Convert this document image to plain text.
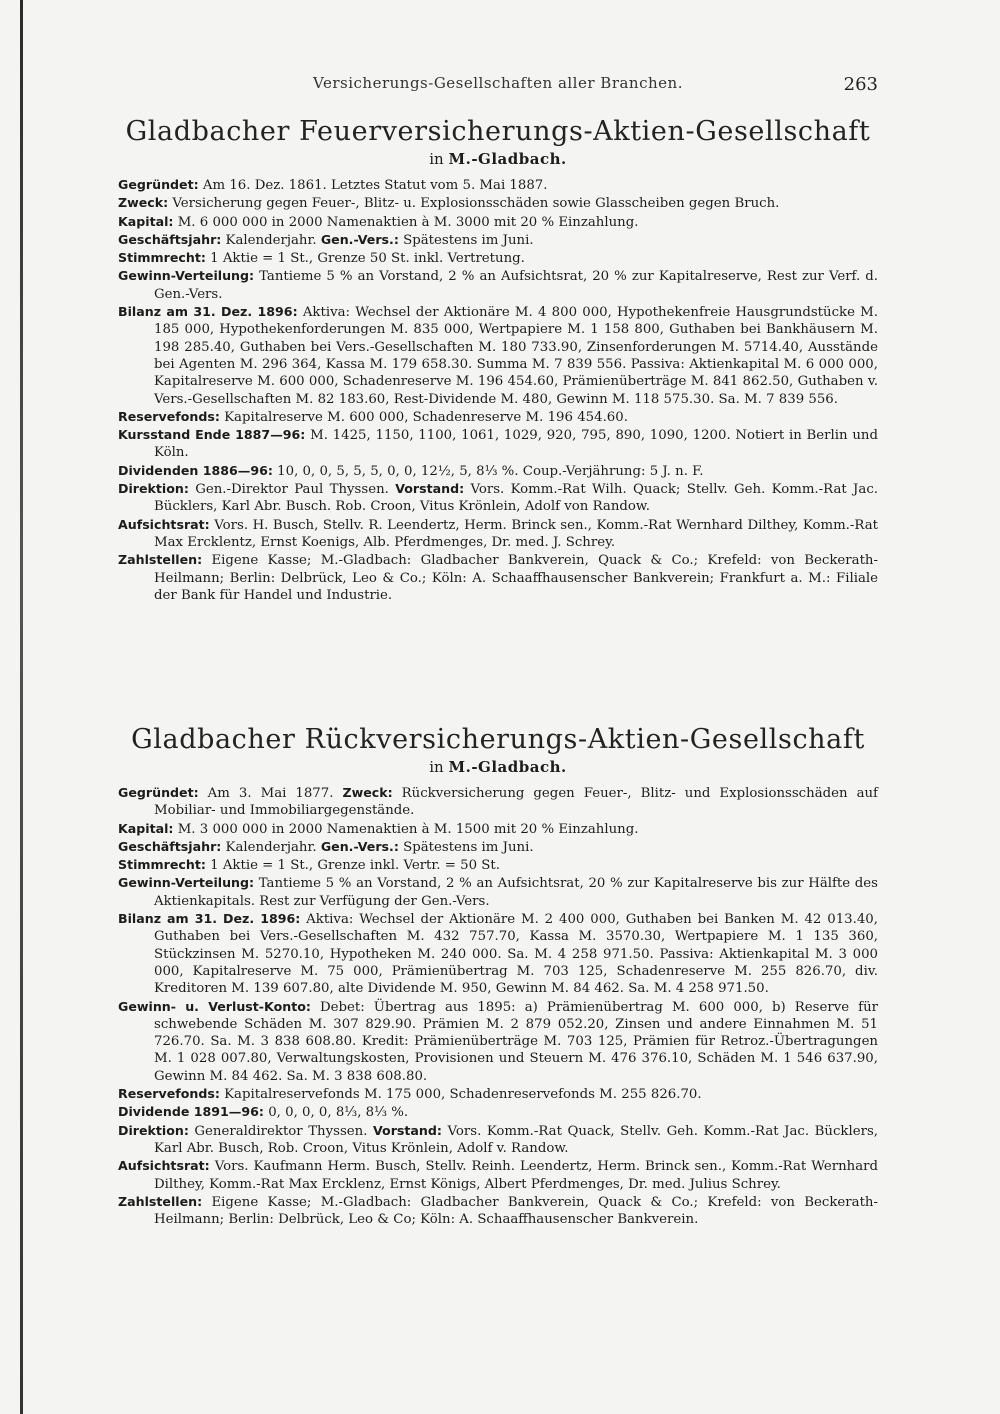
Versicherungs-Gesellschaften aller Branchen.	263
Gladbacher Feuerversicherungs-Aktien-Gesellschaft
in M.-Gladbach.

Gegründet: Am 16. Dez. 1861. Letztes Statut vom 5. Mai 1887.

Zweck: Versicherung gegen Feuer-, Blitz- u. Explosionsschäden sowie Glasscheiben gegen Bruch.

Kapital: M. 6 000 000 in 2000 Namenaktien à M. 3000 mit 20 % Einzahlung.

Geschäftsjahr: Kalenderjahr. Gen.-Vers.: Spätestens im Juni.

Stimmrecht: 1 Aktie = 1 St., Grenze 50 St. inkl. Vertretung.

Gewinn-Verteilung: Tantieme 5 % an Vorstand, 2 % an Aufsichtsrat, 20 % zur Kapitalreserve, Rest zur Verf. d. Gen.-Vers.

Bilanz am 31. Dez. 1896: Aktiva: Wechsel der Aktionäre M. 4 800 000, Hypothekenfreie Hausgrundstücke M. 185 000, Hypothekenforderungen M. 835 000, Wertpapiere M. 1 158 800, Guthaben bei Bankhäusern M. 198 285.40, Guthaben bei Vers.-Gesellschaften M. 180 733.90, Zinsenforderungen M. 5714.40, Ausstände bei Agenten M. 296 364, Kassa M. 179 658.30. Summa M. 7 839 556. Passiva: Aktienkapital M. 6 000 000, Kapitalreserve M. 600 000, Schadenreserve M. 196 454.60, Prämienüberträge M. 841 862.50, Guthaben v. Vers.-Gesellschaften M. 82 183.60, Rest-Dividende M. 480, Gewinn M. 118 575.30. Sa. M. 7 839 556.

Reservefonds: Kapitalreserve M. 600 000, Schadenreserve M. 196 454.60.

Kursstand Ende 1887—96: M. 1425, 1150, 1100, 1061, 1029, 920, 795, 890, 1090, 1200. Notiert in Berlin und Köln.

Dividenden 1886—96: 10, 0, 0, 5, 5, 5, 0, 0, 12½, 5, 8⅓ %. Coup.-Verjährung: 5 J. n. F.

Direktion: Gen.-Direktor Paul Thyssen. Vorstand: Vors. Komm.-Rat Wilh. Quack; Stellv. Geh. Komm.-Rat Jac. Bücklers, Karl Abr. Busch. Rob. Croon, Vitus Krönlein, Adolf von Randow.

Aufsichtsrat: Vors. H. Busch, Stellv. R. Leendertz, Herm. Brinck sen., Komm.-Rat Wernhard Dilthey, Komm.-Rat Max Ercklentz, Ernst Koenigs, Alb. Pferdmenges, Dr. med. J. Schrey.

Zahlstellen: Eigene Kasse; M.-Gladbach: Gladbacher Bankverein, Quack & Co.; Krefeld: von Beckerath-Heilmann; Berlin: Delbrück, Leo & Co.; Köln: A. Schaaffhausenscher Bankverein; Frankfurt a. M.: Filiale der Bank für Handel und Industrie.

Gladbacher Rückversicherungs-Aktien-Gesellschaft
in M.-Gladbach.

Gegründet: Am 3. Mai 1877. Zweck: Rückversicherung gegen Feuer-, Blitz- und Explosionsschäden auf Mobiliar- und Immobiliargegenstände.

Kapital: M. 3 000 000 in 2000 Namenaktien à M. 1500 mit 20 % Einzahlung.

Geschäftsjahr: Kalenderjahr. Gen.-Vers.: Spätestens im Juni.

Stimmrecht: 1 Aktie = 1 St., Grenze inkl. Vertr. = 50 St.

Gewinn-Verteilung: Tantieme 5 % an Vorstand, 2 % an Aufsichtsrat, 20 % zur Kapitalreserve bis zur Hälfte des Aktienkapitals. Rest zur Verfügung der Gen.-Vers.

Bilanz am 31. Dez. 1896: Aktiva: Wechsel der Aktionäre M. 2 400 000, Guthaben bei Banken M. 42 013.40, Guthaben bei Vers.-Gesellschaften M. 432 757.70, Kassa M. 3570.30, Wertpapiere M. 1 135 360, Stückzinsen M. 5270.10, Hypotheken M. 240 000. Sa. M. 4 258 971.50. Passiva: Aktienkapital M. 3 000 000, Kapitalreserve M. 75 000, Prämienübertrag M. 703 125, Schadenreserve M. 255 826.70, div. Kreditoren M. 139 607.80, alte Dividende M. 950, Gewinn M. 84 462. Sa. M. 4 258 971.50.

Gewinn- u. Verlust-Konto: Debet: Übertrag aus 1895: a) Prämienübertrag M. 600 000, b) Reserve für schwebende Schäden M. 307 829.90. Prämien M. 2 879 052.20, Zinsen und andere Einnahmen M. 51 726.70. Sa. M. 3 838 608.80. Kredit: Prämienüberträge M. 703 125, Prämien für Retroz.-Übertragungen M. 1 028 007.80, Verwaltungskosten, Provisionen und Steuern M. 476 376.10, Schäden M. 1 546 637.90, Gewinn M. 84 462. Sa. M. 3 838 608.80.

Reservefonds: Kapitalreservefonds M. 175 000, Schadenreservefonds M. 255 826.70.

Dividende 1891—96: 0, 0, 0, 0, 8⅓, 8⅓ %.

Direktion: Generaldirektor Thyssen. Vorstand: Vors. Komm.-Rat Quack, Stellv. Geh. Komm.-Rat Jac. Bücklers, Karl Abr. Busch, Rob. Croon, Vitus Krönlein, Adolf v. Randow.

Aufsichtsrat: Vors. Kaufmann Herm. Busch, Stellv. Reinh. Leendertz, Herm. Brinck sen., Komm.-Rat Wernhard Dilthey, Komm.-Rat Max Ercklenz, Ernst Königs, Albert Pferdmenges, Dr. med. Julius Schrey.

Zahlstellen: Eigene Kasse; M.-Gladbach: Gladbacher Bankverein, Quack & Co.; Krefeld: von Beckerath-Heilmann; Berlin: Delbrück, Leo & Co; Köln: A. Schaaffhausenscher Bankverein.
